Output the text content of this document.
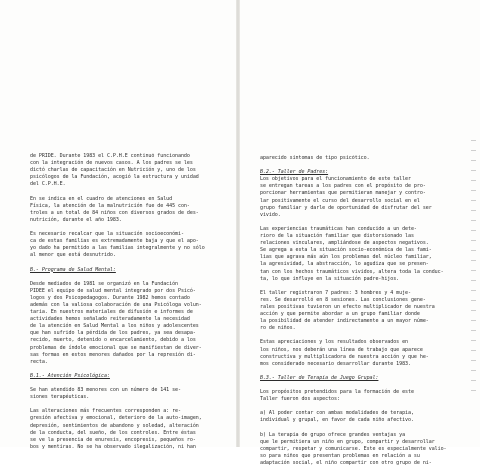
de PRIDE. Durante 1983 el C.P.H.E continuó funcionando
con la integración de nuevos casos. A los padres se les
dictó charlas de capacitación en Nutrición y, uno de los
psicólogos de la Fundación, acogió la estructura y unidad
del C.P.H.E.
En se indica en el cuadro de atenciones en Salud
Física, la atención de la malnutrición fue de 445 con-
troles a un total de 84 niños con diversos grados de des-
nutrición, durante el año 1983.
Es necesario recalcar que la situación socioeconómi-
ca de estas familias es extremadamente baja y que el apo-
yo dado ha permitido a las familias integralmente y no sólo
al menor que está desnutrido.
B.- Programa de Salud Mental:
Desde mediados de 1981 se organizó en la Fundación
PIDEE el equipo de salud mental integrado por dos Psicó-
logos y dos Psicopedagogos. Durante 1982 hemos contado
además con la valiosa colaboración de una Psicóloga volun-
taria. En nuestros materiales de difusión e informes de
actividades hemos señalado reiteradamente la necesidad
de la atención en Salud Mental a los niños y adolescentes
que han sufrido la pérdida de los padres, ya sea desapa-
recido, muerto, detenido o encarcelamiento, debido a los
problemas de índole emocional que se manifiestan de diver-
sas formas en estos menores dañados por la represión di-
recta.
B.1.- Atención Psicológica:
Se han atendido 83 menores con un número de 141 se-
siones terapéuticas.
Las alteraciones más frecuentes corresponden a: re-
gresión afectiva y emocional, deterioro de la auto-imagen,
depresión, sentimientos de abandono y soledad, alteración
de la conducta, del sueño, de los controles. Entre éstas
se ve la presencia de enuresis, encopresis, pequeños ro-
bos y mentiras. No se ha observado ilegalización, ni han
aparecido síntomas de tipo psicótico.
B.2.- Taller de Padres:
Los objetivos para el funcionamiento de este taller
se entregan tareas a los padres con el propósito de pro-
porcionar herramientas que permitieran manejar y contro-
lar positivamente el curso del desarrollo social en el
grupo familiar y darle de oportunidad de disfrutar del ser
vivido.
Las experiencias traumáticas han conducido a un dete-
rioro de la situación familiar que distorsionado las
relaciones vinculares, ampliándose de aspectos negativos.
Se agrega a esta la situación socio-económica de las fami-
lias que agrava más aún los problemas del núcleo familiar,
la agresividad, la abstracción, lo agudiza que se presen-
tan con los hechos traumáticos vividos, altera toda la conduc-
ta, lo que influye en la situación padre-hijos.
El taller registraron 7 padres: 3 hombres y 4 muje-
res. Se desarrolló en 8 sesiones. Las conclusiones gene-
rales positivas tuvieron un efecto multiplicador de nuestra
acción y que permite abordar a un grupo familiar donde
la posibilidad de atender indirectamente a un mayor núme-
ro de niños.
Estas apreciaciones y los resultados observados en
los niños, nos deberán una línea de trabajo que aparece
constructiva y multiplicadora de nuestra acción y que he-
mos considerado necesario desarrollar durante 1983.
B.3.- Taller de Terapia de Juego Grupal:
Los propósitos pretendidos para la formación de este
Taller fueron dos aspectos:
a) Al poder contar con ambas modalidades de terapia,
individual y grupal, en favor de cada niño afectivo.
b) La terapia de grupo ofrece grandes ventajas ya
que le permitiera un niño en grupo, compartir y desarrollar
compartir, respetar y comunicarse. Este es especialmente valio-
so para niños que presentan problemas en relación a su
adaptación social, el niño compartir con otro grupo de ni-
